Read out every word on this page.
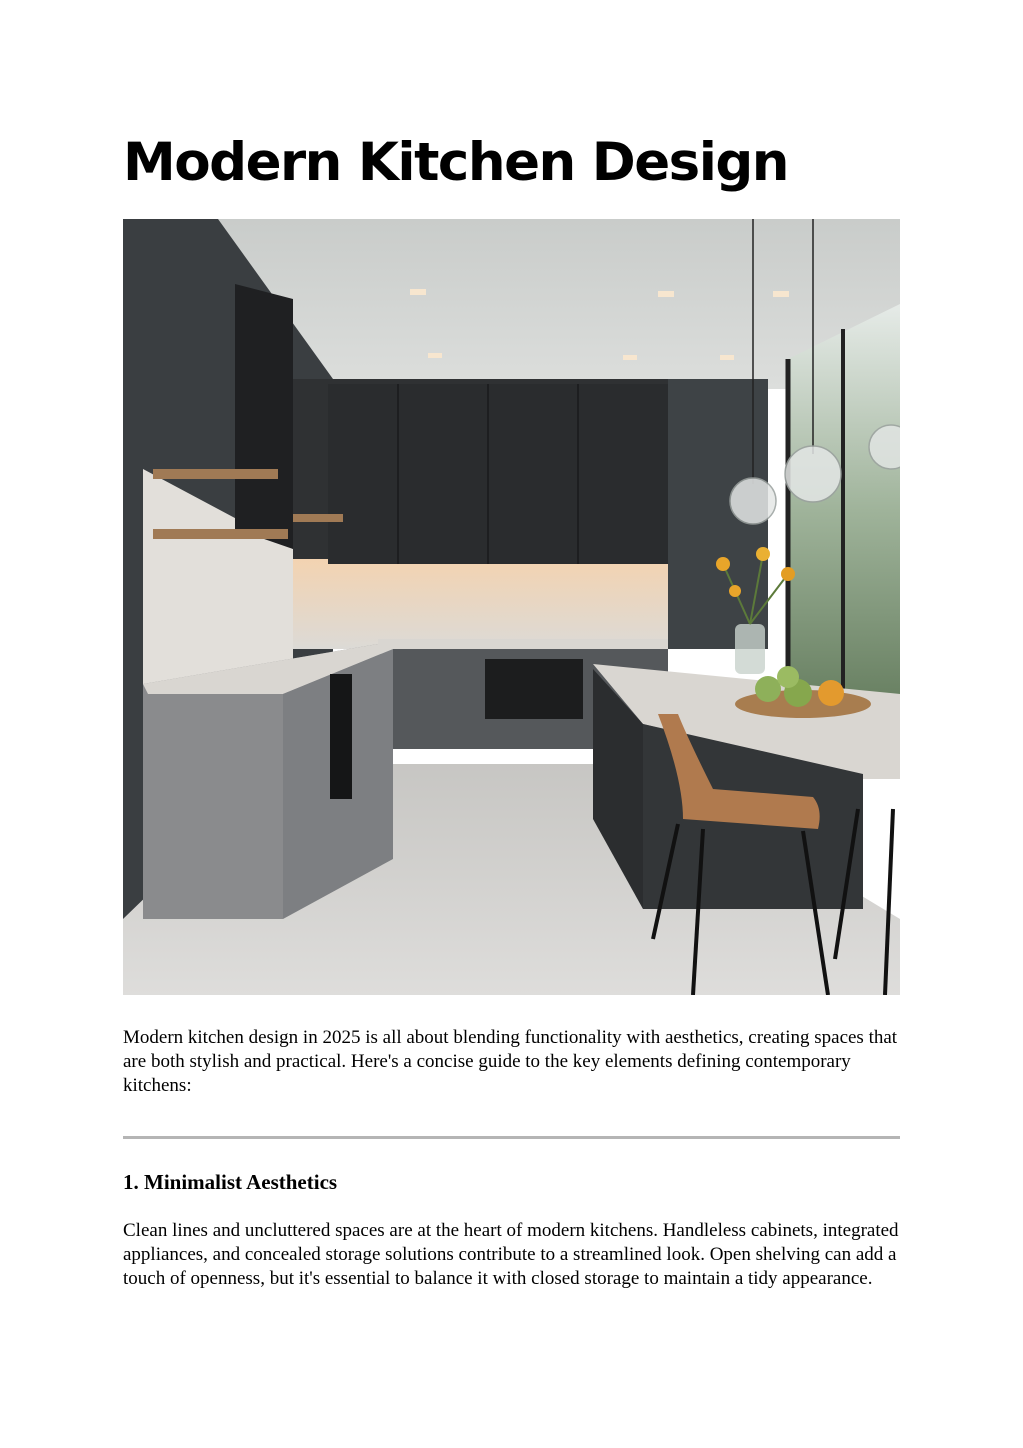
Modern Kitchen Design

Modern kitchen design in 2025 is all about blending functionality with aesthetics, creating spaces that are both stylish and practical. Here's a concise guide to the key elements defining contemporary kitchens:

1. Minimalist Aesthetics

Clean lines and uncluttered spaces are at the heart of modern kitchens. Handleless cabinets, integrated appliances, and concealed storage solutions contribute to a streamlined look. Open shelving can add a touch of openness, but it's essential to balance it with closed storage to maintain a tidy appearance.
